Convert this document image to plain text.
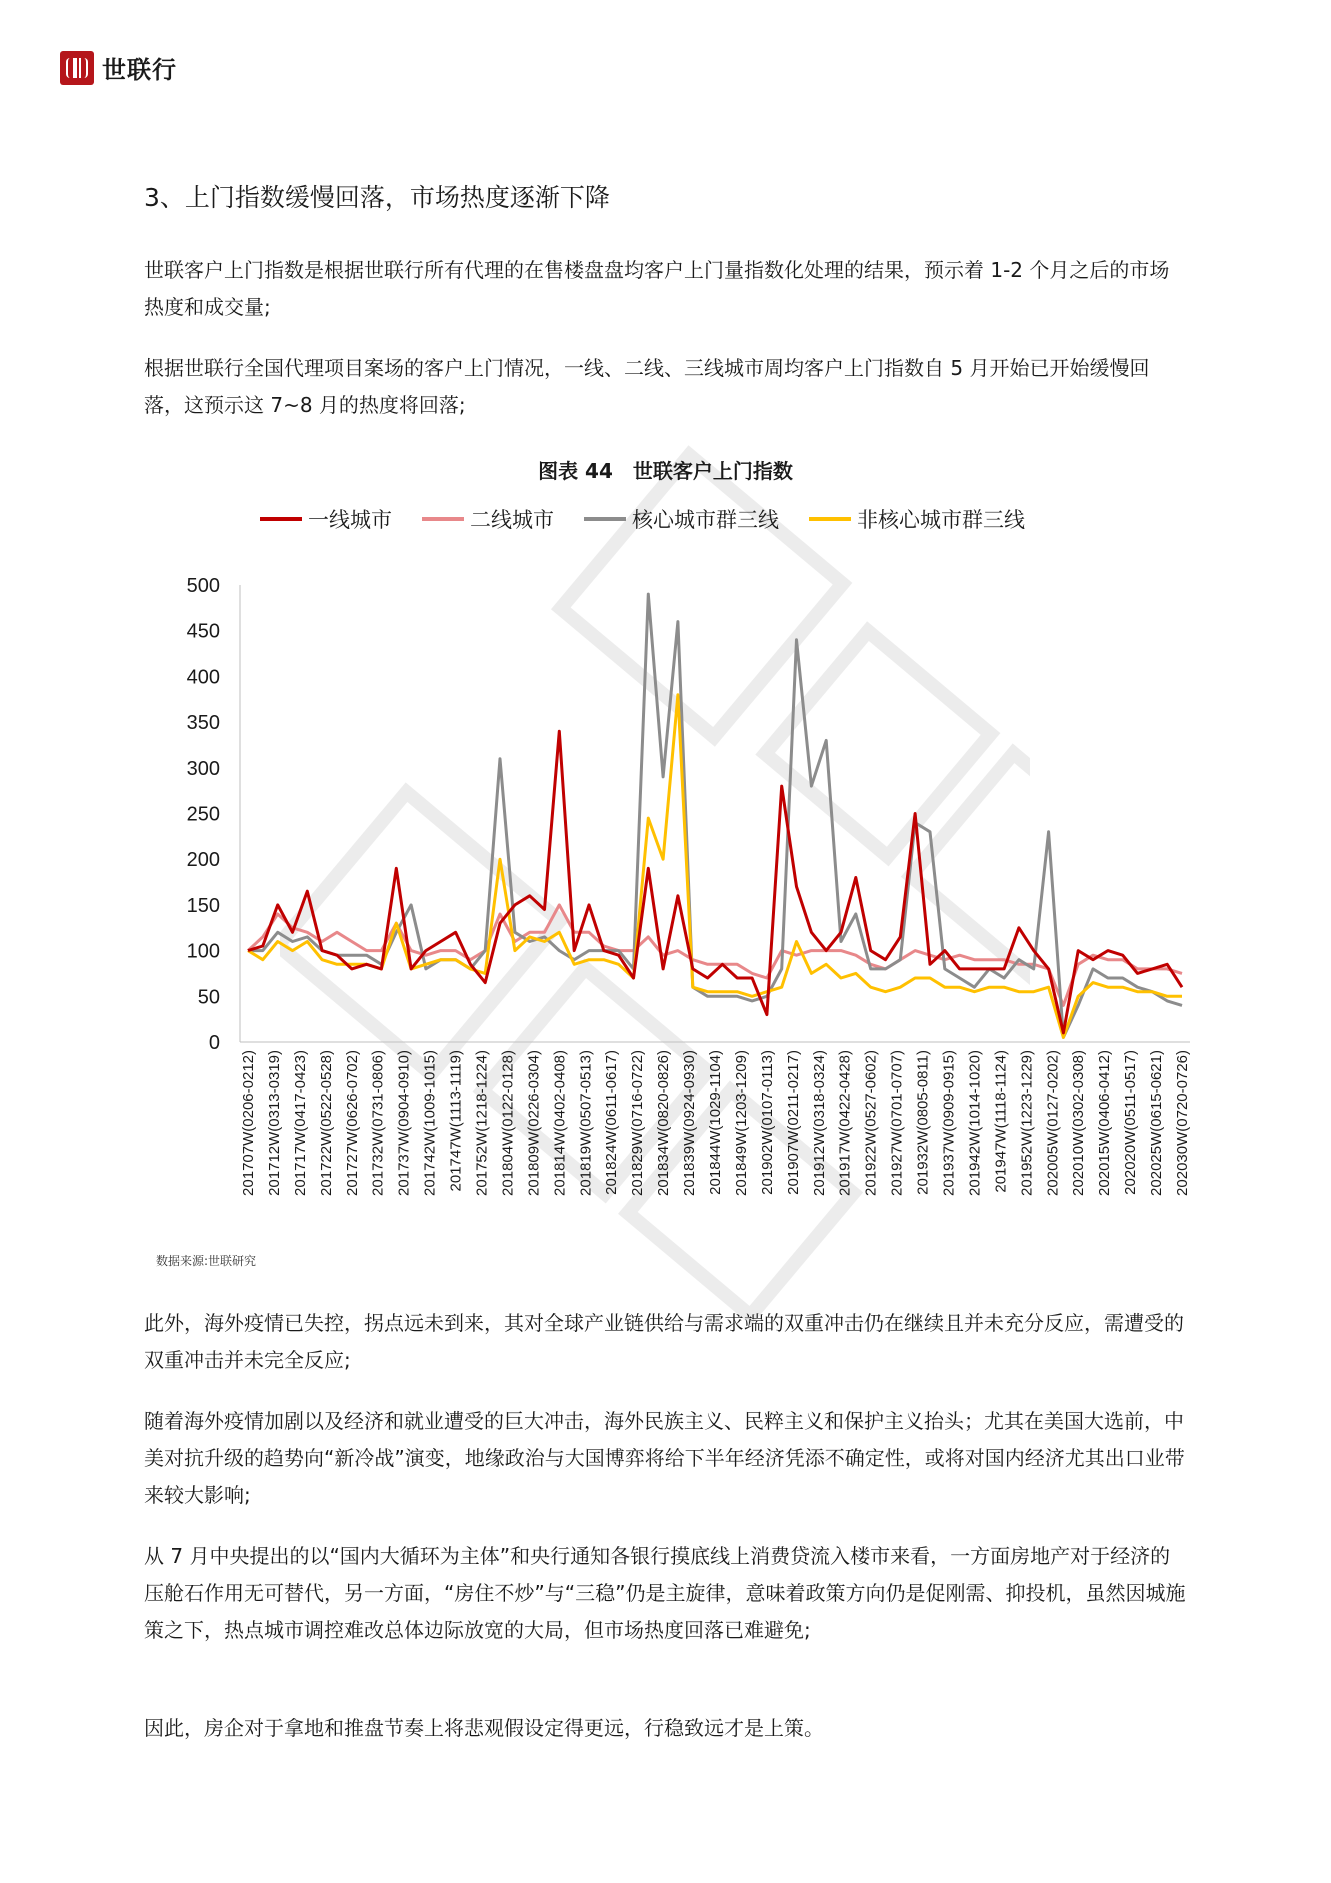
世联行
3、上门指数缓慢回落，市场热度逐渐下降
世联客户上门指数是根据世联行所有代理的在售楼盘盘均客户上门量指数化处理的结果，预示着 1-2 个月之后的市场热度和成交量;
根据世联行全国代理项目案场的客户上门情况，一线、二线、三线城市周均客户上门指数自 5 月开始已开始缓慢回落，这预示这 7~8 月的热度将回落;
图表 44　世联客户上门指数
一线城市	二线城市	核心城市群三线	非核心城市群三线
0
50
100
150
200
250
300
350
400
450
500
201707W(0206-0212) 201712W(0313-0319) 201717W(0417-0423) 201722W(0522-0528) 201727W(0626-0702) 201732W(0731-0806) 201737W(0904-0910) 201742W(1009-1015) 201747W(1113-1119) 201752W(1218-1224) 201804W(0122-0128) 201809W(0226-0304) 201814W(0402-0408) 201819W(0507-0513) 201824W(0611-0617) 201829W(0716-0722) 201834W(0820-0826) 201839W(0924-0930) 201844W(1029-1104) 201849W(1203-1209) 201902W(0107-0113) 201907W(0211-0217) 201912W(0318-0324) 201917W(0422-0428) 201922W(0527-0602) 201927W(0701-0707) 201932W(0805-0811) 201937W(0909-0915) 201942W(1014-1020) 201947W(1118-1124) 201952W(1223-1229) 202005W(0127-0202) 202010W(0302-0308) 202015W(0406-0412) 202020W(0511-0517) 202025W(0615-0621) 202030W(0720-0726)
数据来源:世联研究
此外，海外疫情已失控，拐点远未到来，其对全球产业链供给与需求端的双重冲击仍在继续且并未充分反应，需遭受的双重冲击并未完全反应;
随着海外疫情加剧以及经济和就业遭受的巨大冲击，海外民族主义、民粹主义和保护主义抬头；尤其在美国大选前，中美对抗升级的趋势向“新冷战”演变，地缘政治与大国博弈将给下半年经济凭添不确定性，或将对国内经济尤其出口业带来较大影响;
从 7 月中央提出的以“国内大循环为主体”和央行通知各银行摸底线上消费贷流入楼市来看，一方面房地产对于经济的压舱石作用无可替代，另一方面，“房住不炒”与“三稳”仍是主旋律，意味着政策方向仍是促刚需、抑投机，虽然因城施策之下，热点城市调控难改总体边际放宽的大局，但市场热度回落已难避免;
因此，房企对于拿地和推盘节奏上将悲观假设定得更远，行稳致远才是上策。
